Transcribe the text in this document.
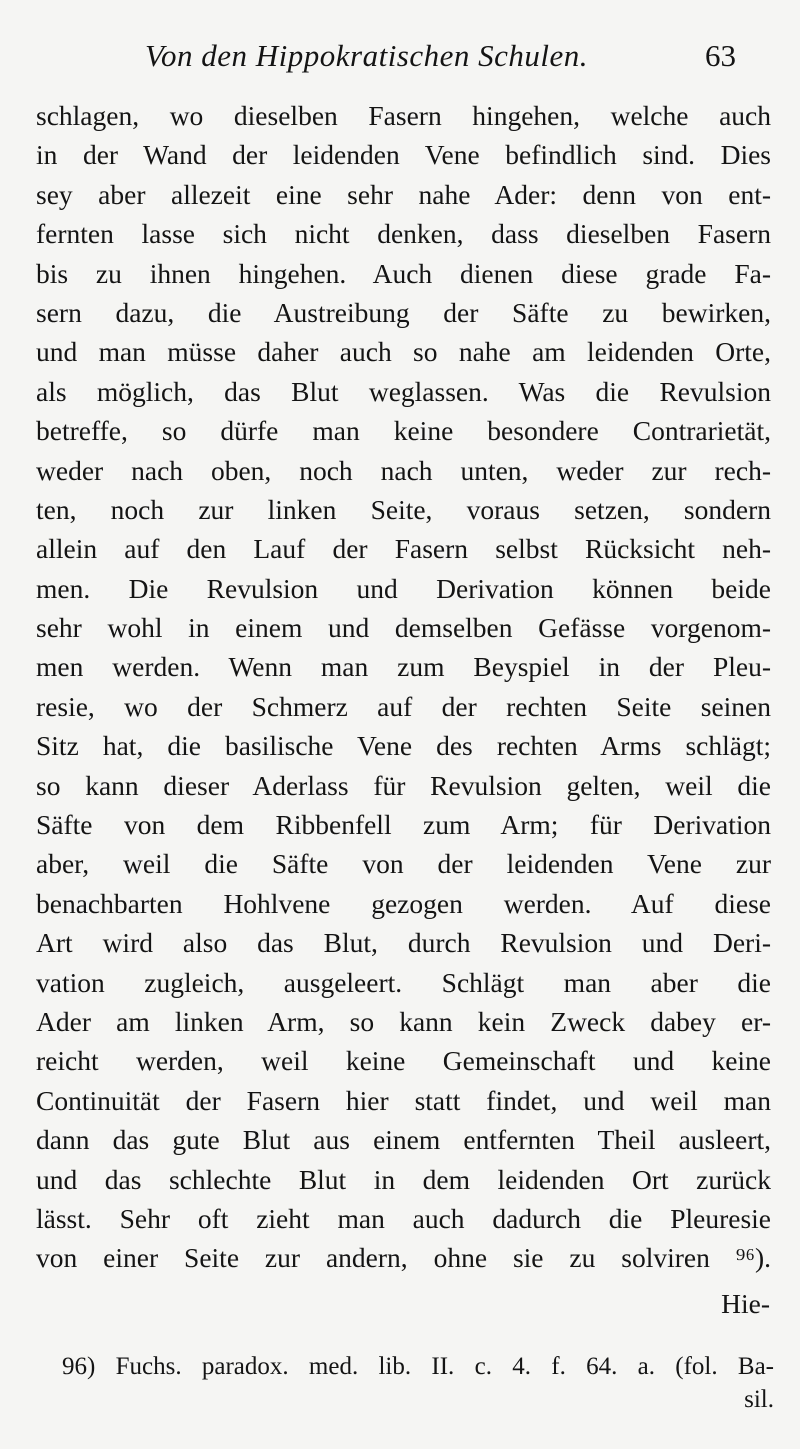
Von den Hippokratischen Schulen.	63
schlagen, wo dieselben Fasern hingehen, welche auch
in der Wand der leidenden Vene befindlich sind. Dies
sey aber allezeit eine sehr nahe Ader: denn von ent-
fernten lasse sich nicht denken, dass dieselben Fasern
bis zu ihnen hingehen. Auch dienen diese grade Fa-
sern dazu, die Austreibung der Säfte zu bewirken,
und man müsse daher auch so nahe am leidenden Orte,
als möglich, das Blut weglassen. Was die Revulsion
betreffe, so dürfe man keine besondere Contrarietät,
weder nach oben, noch nach unten, weder zur rech-
ten, noch zur linken Seite, voraus setzen, sondern
allein auf den Lauf der Fasern selbst Rücksicht neh-
men. Die Revulsion und Derivation können beide
sehr wohl in einem und demselben Gefässe vorgenom-
men werden. Wenn man zum Beyspiel in der Pleu-
resie, wo der Schmerz auf der rechten Seite seinen
Sitz hat, die basilische Vene des rechten Arms schlägt;
so kann dieser Aderlass für Revulsion gelten, weil die
Säfte von dem Ribbenfell zum Arm; für Derivation
aber, weil die Säfte von der leidenden Vene zur
benachbarten Hohlvene gezogen werden. Auf diese
Art wird also das Blut, durch Revulsion und Deri-
vation zugleich, ausgeleert. Schlägt man aber die
Ader am linken Arm, so kann kein Zweck dabey er-
reicht werden, weil keine Gemeinschaft und keine
Continuität der Fasern hier statt findet, und weil man
dann das gute Blut aus einem entfernten Theil ausleert,
und das schlechte Blut in dem leidenden Ort zurück
lässt. Sehr oft zieht man auch dadurch die Pleuresie
von einer Seite zur andern, ohne sie zu solviren ⁹⁶).
Hie-
96) Fuchs. paradox. med. lib. II. c. 4. f. 64. a. (fol. Ba-
sil.
